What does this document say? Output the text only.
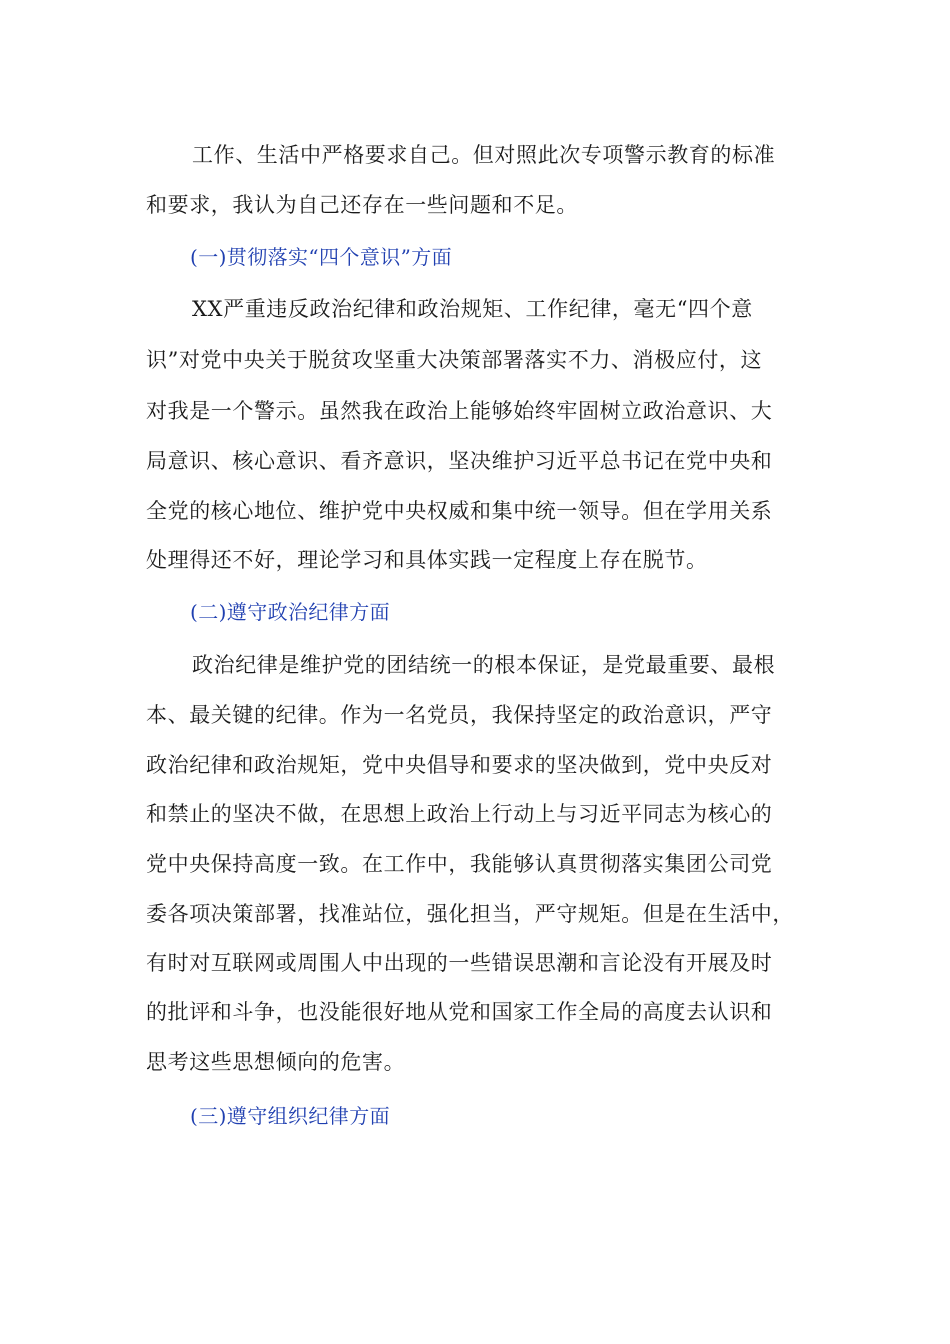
工作、生活中严格要求自己。但对照此次专项警示教育的标准
和要求，我认为自己还存在一些问题和不足。
(一)贯彻落实“四个意识”方面
XX严重违反政治纪律和政治规矩、工作纪律，毫无“四个意
识”对党中央关于脱贫攻坚重大决策部署落实不力、消极应付，这
对我是一个警示。虽然我在政治上能够始终牢固树立政治意识、大
局意识、核心意识、看齐意识，坚决维护习近平总书记在党中央和
全党的核心地位、维护党中央权威和集中统一领导。但在学用关系
处理得还不好，理论学习和具体实践一定程度上存在脱节。
(二)遵守政治纪律方面
政治纪律是维护党的团结统一的根本保证，是党最重要、最根
本、最关键的纪律。作为一名党员，我保持坚定的政治意识，严守
政治纪律和政治规矩，党中央倡导和要求的坚决做到，党中央反对
和禁止的坚决不做，在思想上政治上行动上与习近平同志为核心的
党中央保持高度一致。在工作中，我能够认真贯彻落实集团公司党
委各项决策部署，找准站位，强化担当，严守规矩。但是在生活中，
有时对互联网或周围人中出现的一些错误思潮和言论没有开展及时
的批评和斗争，也没能很好地从党和国家工作全局的高度去认识和
思考这些思想倾向的危害。
(三)遵守组织纪律方面
